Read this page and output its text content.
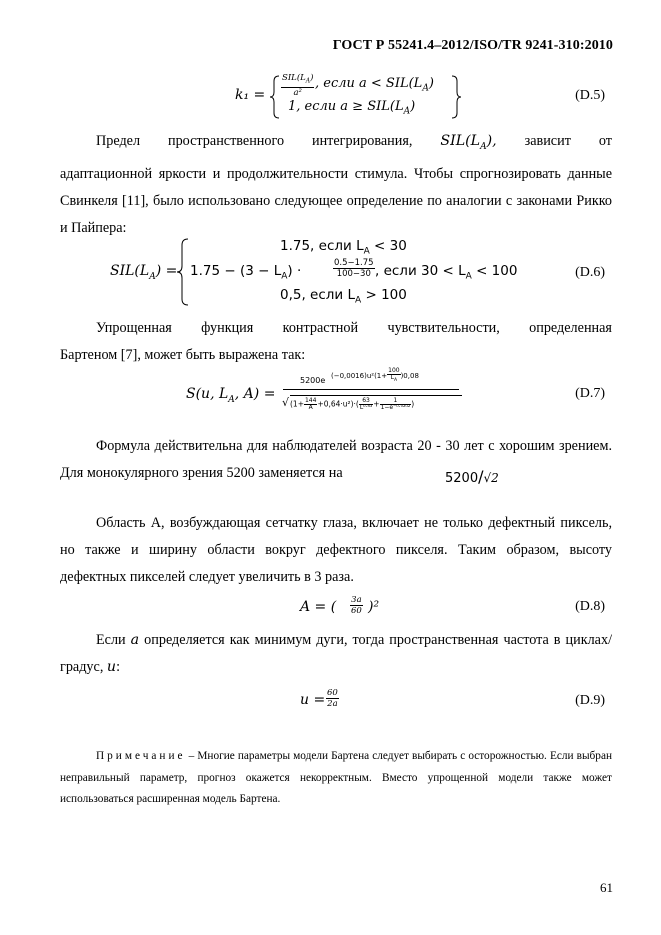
ГОСТ Р 55241.4–2012/ISO/TR 9241-310:2010
k₁ =
$SIL(L_A)$
a²
, если $a < SIL(L_A)$
1, если $a \ge SIL(L_A)$
(D.5)
Предел пространственного интегрирования, $SIL(L_A)$, зависит от
адаптационной яркости и продолжительности стимула. Чтобы спрогнозировать данные Свинкеля [11], было использовано следующее определение по аналогии с законами Рикко и Пайпера:
$SIL(L_A)$ =
1.75, если $L_A < 30$
$1.75 - (3 - L_A)$ ·	$\frac{0.5-1.75}{100-30}$ , если $30 < L_A < 100$
0,5, если $L_A > 100$
(D.6)
Упрощенная функция контрастной чувствительности, определенная
Бартеном [7], может быть выражена так:
S(u, $L_A$, A) =
5200e $(-0,0016)u^2(1+ \frac{100}{L_A} )0,08$
√ $(1+ \frac{144}{A} +0,64\cdot u^2)\cdot( \frac{63}{\text{L⁰·⁸³}} + \frac{1}{\text{1−e⁻⁰·⁰²ᵘ²}}$ )
(D.7)
Формула действительна для наблюдателей возраста 20 - 30 лет с хорошим зрением. Для монокулярного зрения 5200 заменяется на	5200/√2
Область A, возбуждающая сетчатку глаза, включает не только дефектный пиксель, но также и ширину области вокруг дефектного пикселя. Таким образом, высоту дефектных пикселей следует увеличить в 3 раза.
A = ( $\frac{3a}{60} )^2$	(D.8)
Если a определяется как минимум дуги, тогда пространственная частота в циклах/градус, u:
$u = \frac{60}{2a}$	(D.9)
Примечание – Многие параметры модели Бартена следует выбирать с осторожностью. Если выбран неправильный параметр, прогноз окажется некорректным. Вместо упрощенной модели также может использоваться расширенная модель Бартена.
61
